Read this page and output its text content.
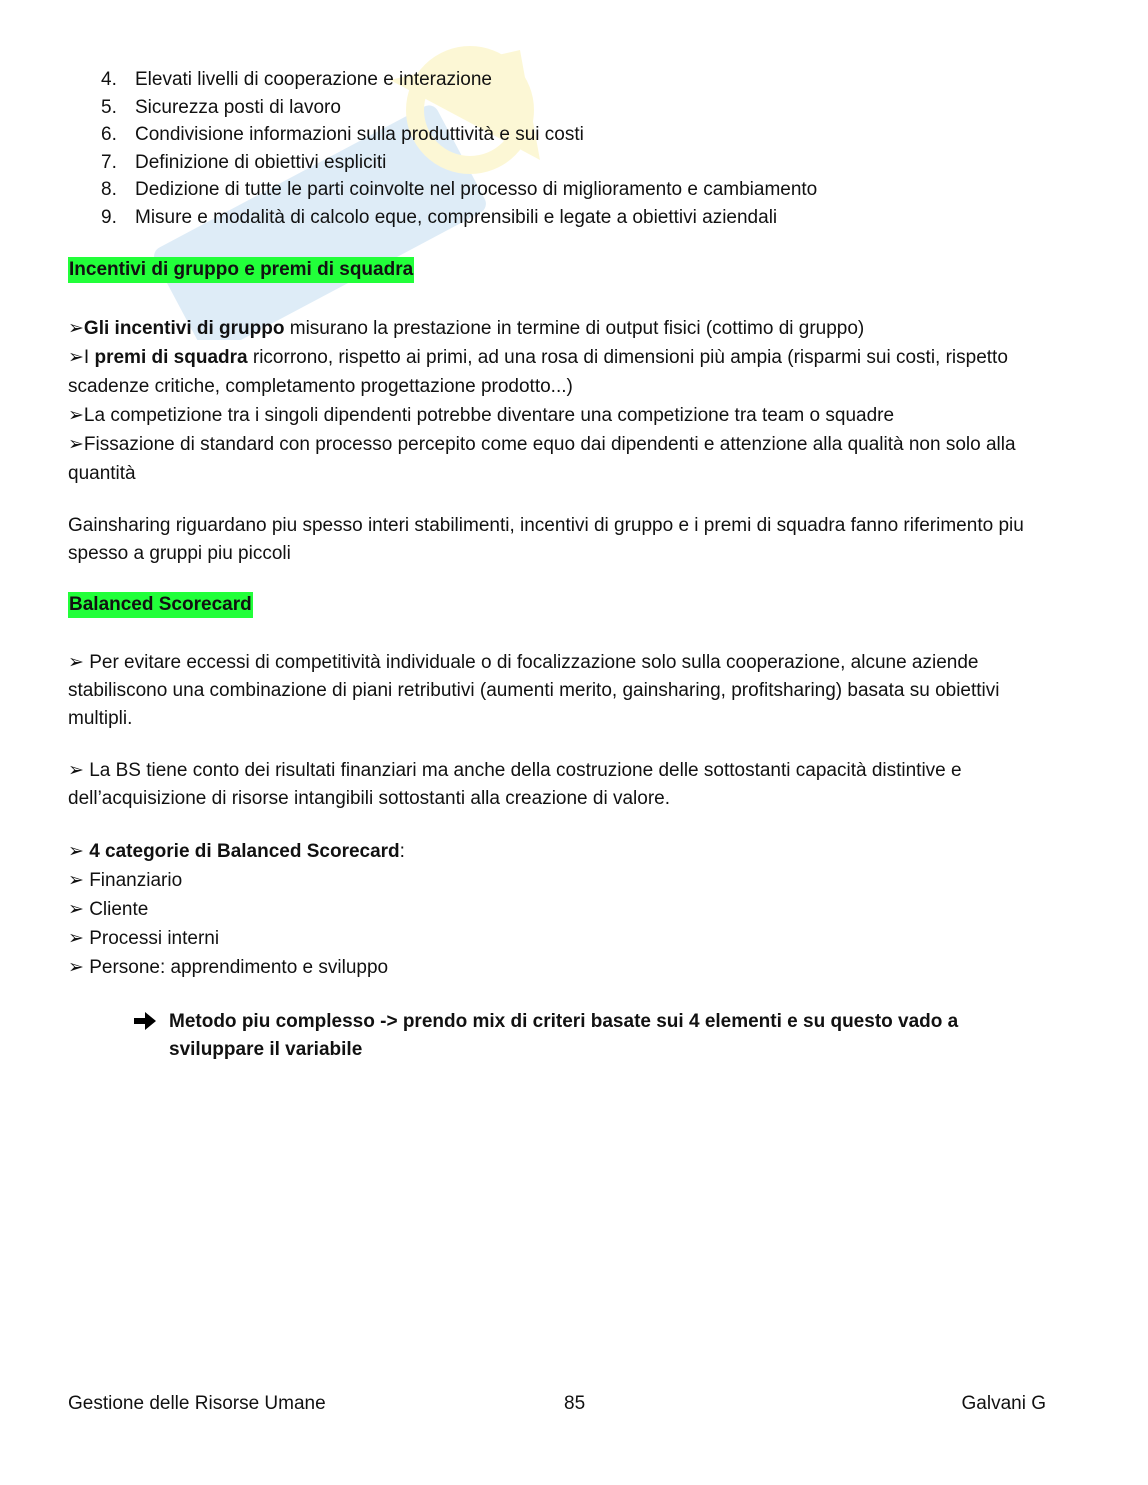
4. Elevati livelli di cooperazione e interazione
5. Sicurezza posti di lavoro
6. Condivisione informazioni sulla produttività e sui costi
7. Definizione di obiettivi espliciti
8. Dedizione di tutte le parti coinvolte nel processo di miglioramento e cambiamento
9. Misure e modalità di calcolo eque, comprensibili e legate a obiettivi aziendali
Incentivi di gruppo e premi di squadra

➢Gli incentivi di gruppo misurano la prestazione in termine di output fisici (cottimo di gruppo)

➢I premi di squadra ricorrono, rispetto ai primi, ad una rosa di dimensioni più ampia (risparmi sui costi, rispetto scadenze critiche, completamento progettazione prodotto...)

➢La competizione tra i singoli dipendenti potrebbe diventare una competizione tra team o squadre

➢Fissazione di standard con processo percepito come equo dai dipendenti e attenzione alla qualità non solo alla quantità

Gainsharing riguardano piu spesso interi stabilimenti, incentivi di gruppo e i premi di squadra fanno riferimento piu spesso a gruppi piu piccoli

Balanced Scorecard

➢ Per evitare eccessi di competitività individuale o di focalizzazione solo sulla cooperazione, alcune aziende stabiliscono una combinazione di piani retributivi (aumenti merito, gainsharing, profitsharing) basata su obiettivi multipli.

➢ La BS tiene conto dei risultati finanziari ma anche della costruzione delle sottostanti capacità distintive e dell’acquisizione di risorse intangibili sottostanti alla creazione di valore.

➢ 4 categorie di Balanced Scorecard:

➢ Finanziario

➢ Cliente

➢ Processi interni

➢ Persone: apprendimento e sviluppo

Metodo piu complesso -> prendo mix di criteri basate sui 4 elementi e su questo vado a sviluppare il variabile
Gestione delle Risorse Umane	85	Galvani G
